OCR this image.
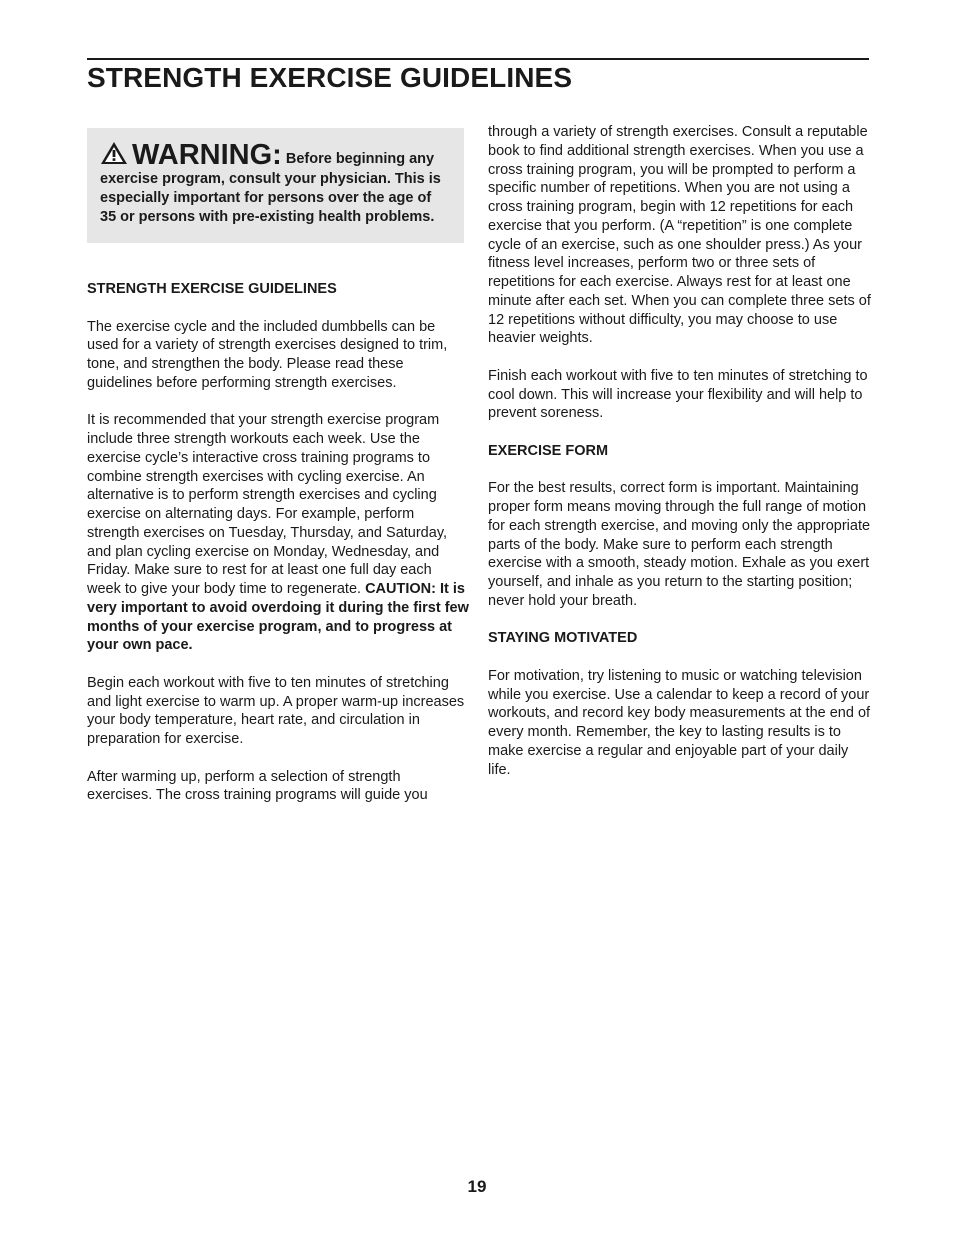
STRENGTH EXERCISE GUIDELINES
WARNING: Before beginning any exercise program, consult your physician. This is especially important for persons over the age of 35 or persons with pre-existing health problems.
STRENGTH EXERCISE GUIDELINES

The exercise cycle and the included dumbbells can be used for a variety of strength exercises designed to trim, tone, and strengthen the body. Please read these guidelines before performing strength exercises.

It is recommended that your strength exercise program include three strength workouts each week. Use the exercise cycle’s interactive cross training programs to combine strength exercises with cycling exercise. An alternative is to perform strength exercises and cycling exercise on alternating days. For example, perform strength exercises on Tuesday, Thursday, and Saturday, and plan cycling exercise on Monday, Wednesday, and Friday. Make sure to rest for at least one full day each week to give your body time to regenerate. CAUTION: It is very important to avoid overdoing it during the first few months of your exercise program, and to progress at your own pace.

Begin each workout with five to ten minutes of stretching and light exercise to warm up. A proper warm-up increases your body temperature, heart rate, and circulation in preparation for exercise.

After warming up, perform a selection of strength exercises. The cross training programs will guide you

through a variety of strength exercises. Consult a reputable book to find additional strength exercises. When you use a cross training program, you will be prompted to perform a specific number of repetitions. When you are not using a cross training program, begin with 12 repetitions for each exercise that you perform. (A “repetition” is one complete cycle of an exercise, such as one shoulder press.) As your fitness level increases, perform two or three sets of repetitions for each exercise. Always rest for at least one minute after each set. When you can complete three sets of 12 repetitions without difficulty, you may choose to use heavier weights.

Finish each workout with five to ten minutes of stretching to cool down. This will increase your flexibility and will help to prevent soreness.

EXERCISE FORM

For the best results, correct form is important. Maintaining proper form means moving through the full range of motion for each strength exercise, and moving only the appropriate parts of the body. Make sure to perform each strength exercise with a smooth, steady motion. Exhale as you exert yourself, and inhale as you return to the starting position; never hold your breath.

STAYING MOTIVATED

For motivation, try listening to music or watching television while you exercise. Use a calendar to keep a record of your workouts, and record key body measurements at the end of every month. Remember, the key to lasting results is to make exercise a regular and enjoyable part of your daily life.

19
